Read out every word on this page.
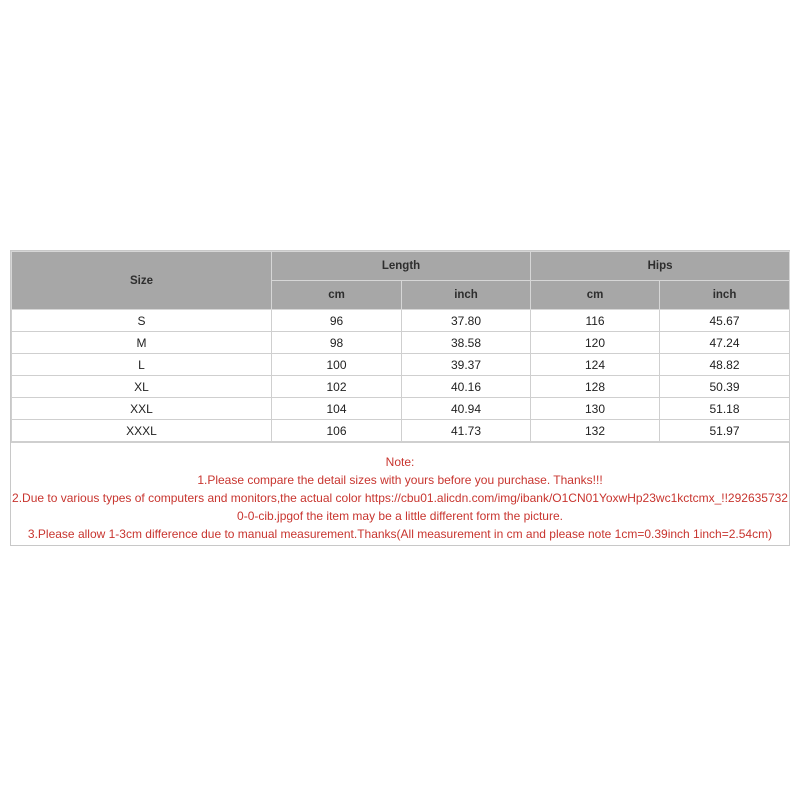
Size	Length		Hips	
	cm	inch	cm	inch
S	96	37.80	116	45.67
M	98	38.58	120	47.24
L	100	39.37	124	48.82
XL	102	40.16	128	50.39
XXL	104	40.94	130	51.18
XXXL	106	41.73	132	51.97
Note:
1.Please compare the detail sizes with yours before you purchase. Thanks!!!
2.Due to various types of computers and monitors,the actual color https://cbu01.alicdn.com/img/ibank/O1CN01YoxwHp23wc1kctcmx_!!292635732
0-0-cib.jpgof the item may be a little different form the picture.
3.Please allow 1-3cm difference due to manual measurement.Thanks(All measurement in cm and please note 1cm=0.39inch 1inch=2.54cm)
